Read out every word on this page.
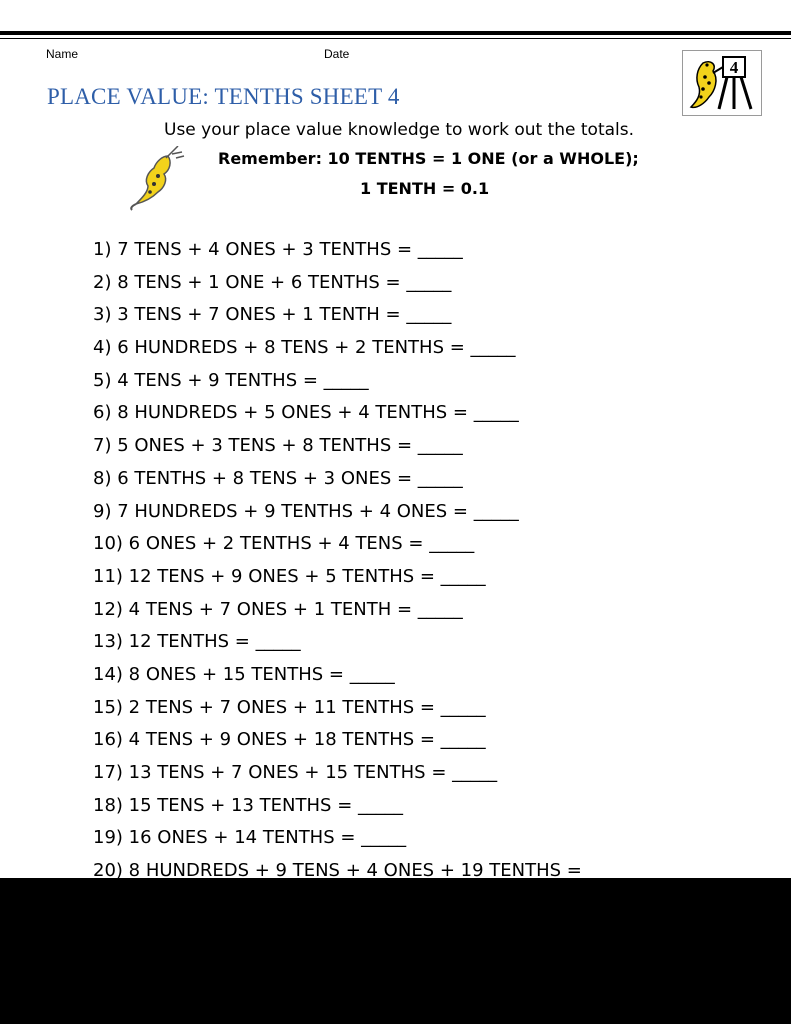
Name	Date
PLACE VALUE: TENTHS SHEET 4
4
Use your place value knowledge to work out the totals.
Remember: 10 TENTHS = 1 ONE (or a WHOLE);
1 TENTH = 0.1
1) 7 TENS + 4 ONES + 3 TENTHS = _____
2) 8 TENS + 1 ONE + 6 TENTHS = _____
3) 3 TENS + 7 ONES + 1 TENTH = _____
4) 6 HUNDREDS + 8 TENS + 2 TENTHS = _____
5) 4 TENS + 9 TENTHS = _____
6) 8 HUNDREDS + 5 ONES + 4 TENTHS = _____
7) 5 ONES + 3 TENS + 8 TENTHS = _____
8) 6 TENTHS + 8 TENS + 3 ONES = _____
9) 7 HUNDREDS + 9 TENTHS + 4 ONES = _____
10) 6 ONES + 2 TENTHS + 4 TENS = _____
11) 12 TENS + 9 ONES + 5 TENTHS = _____
12) 4 TENS + 7 ONES + 1 TENTH = _____
13) 12 TENTHS = _____
14) 8 ONES + 15 TENTHS = _____
15) 2 TENS + 7 ONES + 11 TENTHS = _____
16) 4 TENS + 9 ONES + 18 TENTHS = _____
17) 13 TENS + 7 ONES + 15 TENTHS = _____
18) 15 TENS + 13 TENTHS = _____
19) 16 ONES + 14 TENTHS = _____
20) 8 HUNDREDS + 9 TENS + 4 ONES + 19 TENTHS =
